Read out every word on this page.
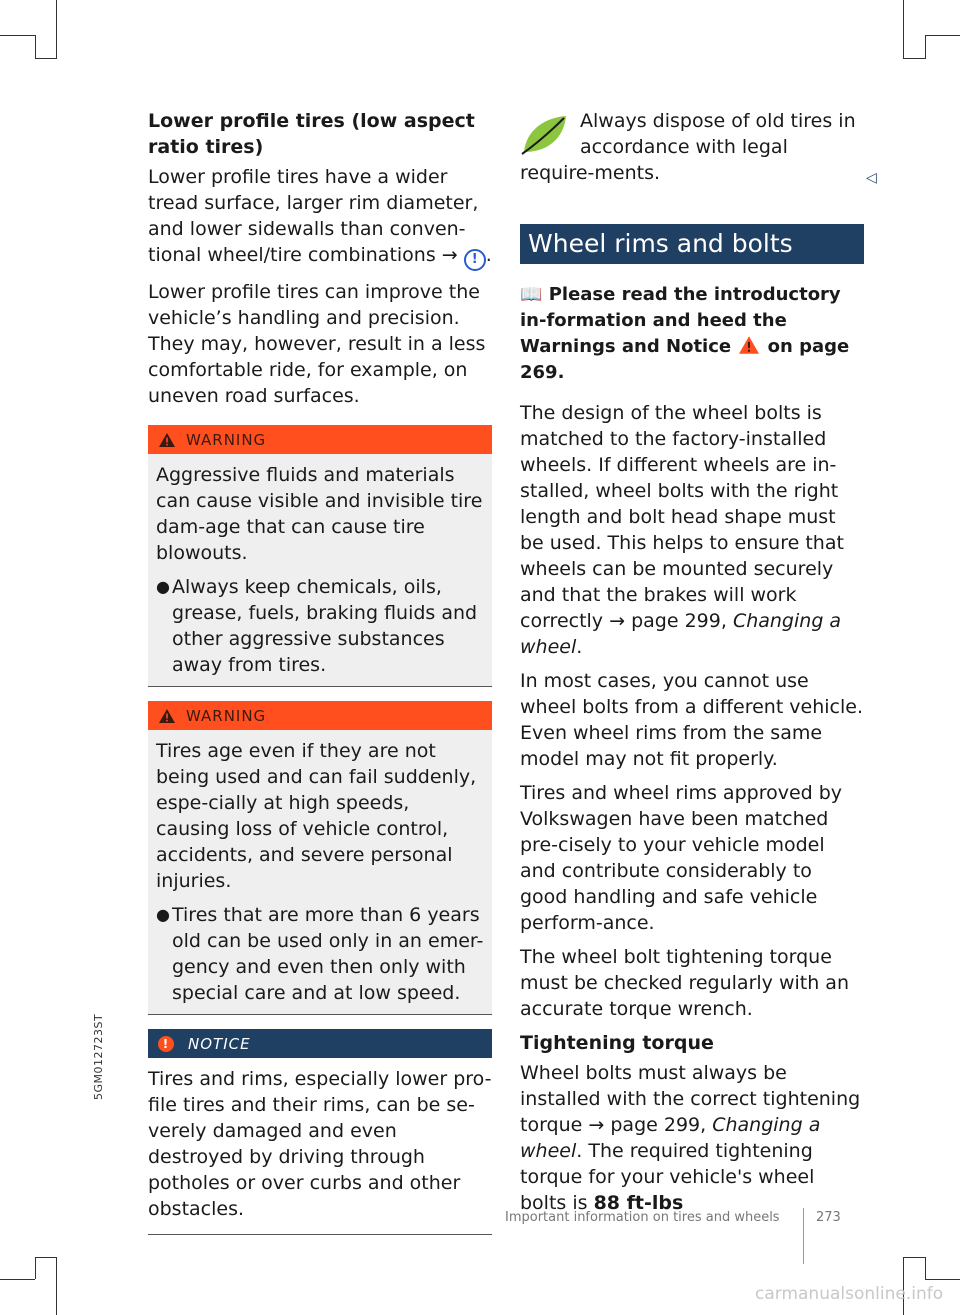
Lower profile tires (low aspect ratio tires)

Lower profile tires have a wider tread surface, larger rim diameter, and lower sidewalls than conven-tional wheel/tire combinations → ! .

Lower profile tires can improve the vehicle’s handling and precision. They may, however, result in a less comfortable ride, for example, on uneven road surfaces.

WARNING

Aggressive fluids and materials can cause visible and invisible tire dam-age that can cause tire blowouts.

● Always keep chemicals, oils, grease, fuels, braking fluids and other aggressive substances away from tires.

WARNING

Tires age even if they are not being used and can fail suddenly, espe-cially at high speeds, causing loss of vehicle control, accidents, and severe personal injuries.

● Tires that are more than 6 years old can be used only in an emer-gency and even then only with special care and at low speed.

!	NOTICE

Tires and rims, especially lower pro-file tires and their rims, can be se-verely damaged and even destroyed by driving through potholes or over curbs and other obstacles.

Always dispose of old tires in accordance with legal require-ments.

Wheel rims and bolts

📖 Please read the introductory in-formation and heed the Warnings and Notice on page 269.

The design of the wheel bolts is matched to the factory-installed wheels. If different wheels are in-stalled, wheel bolts with the right length and bolt head shape must be used. This helps to ensure that wheels can be mounted securely and that the brakes will work correctly → page 299, Changing a wheel.

In most cases, you cannot use wheel bolts from a different vehicle. Even wheel rims from the same model may not fit properly.

Tires and wheel rims approved by Volkswagen have been matched pre-cisely to your vehicle model and contribute considerably to good handling and safe vehicle perform-ance.

The wheel bolt tightening torque must be checked regularly with an accurate torque wrench.

Tightening torque

Wheel bolts must always be installed with the correct tightening torque → page 299, Changing a wheel. The required tightening torque for your vehicle's wheel bolts is 88 ft-lbs

◁
5GM012723ST
Important information on tires and wheels	273
carmanualsonline.info
